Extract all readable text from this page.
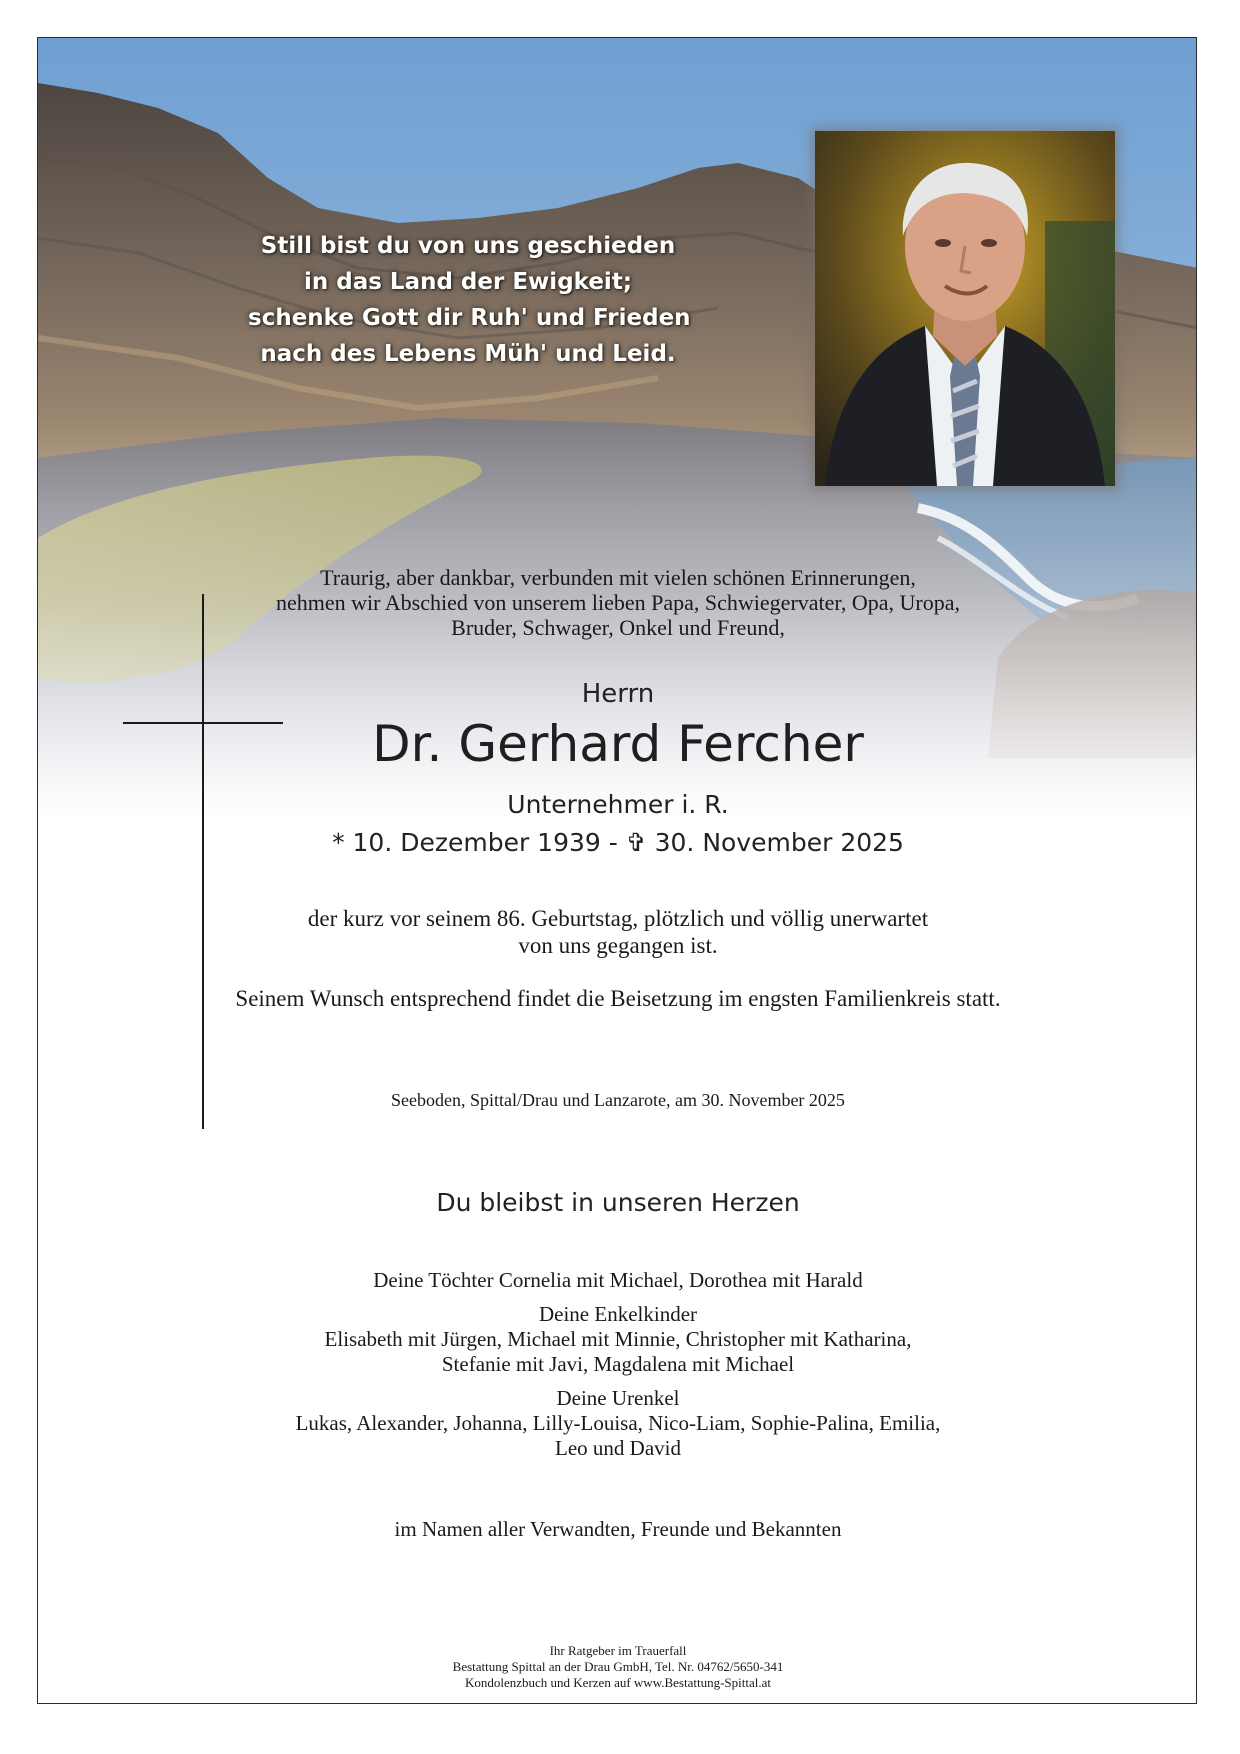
Still bist du von uns geschieden
in das Land der Ewigkeit;
schenke Gott dir Ruh' und Frieden
nach des Lebens Müh' und Leid.
Traurig, aber dankbar, verbunden mit vielen schönen Erinnerungen,
nehmen wir Abschied von unserem lieben Papa, Schwiegervater, Opa, Uropa,
Bruder, Schwager, Onkel und Freund,
Herrn
Dr. Gerhard Fercher
Unternehmer i. R.
* 10. Dezember 1939 - ✞ 30. November 2025
der kurz vor seinem 86. Geburtstag, plötzlich und völlig unerwartet
von uns gegangen ist.
Seinem Wunsch entsprechend findet die Beisetzung im engsten Familienkreis statt.
Seeboden, Spittal/Drau und Lanzarote, am 30. November 2025
Du bleibst in unseren Herzen
Deine Töchter Cornelia mit Michael, Dorothea mit Harald
Deine Enkelkinder
Elisabeth mit Jürgen, Michael mit Minnie, Christopher mit Katharina,
Stefanie mit Javi, Magdalena mit Michael
Deine Urenkel
Lukas, Alexander, Johanna, Lilly-Louisa, Nico-Liam, Sophie-Palina, Emilia,
Leo und David
im Namen aller Verwandten, Freunde und Bekannten
Ihr Ratgeber im Trauerfall
Bestattung Spittal an der Drau GmbH, Tel. Nr. 04762/5650-341
Kondolenzbuch und Kerzen auf www.Bestattung-Spittal.at
